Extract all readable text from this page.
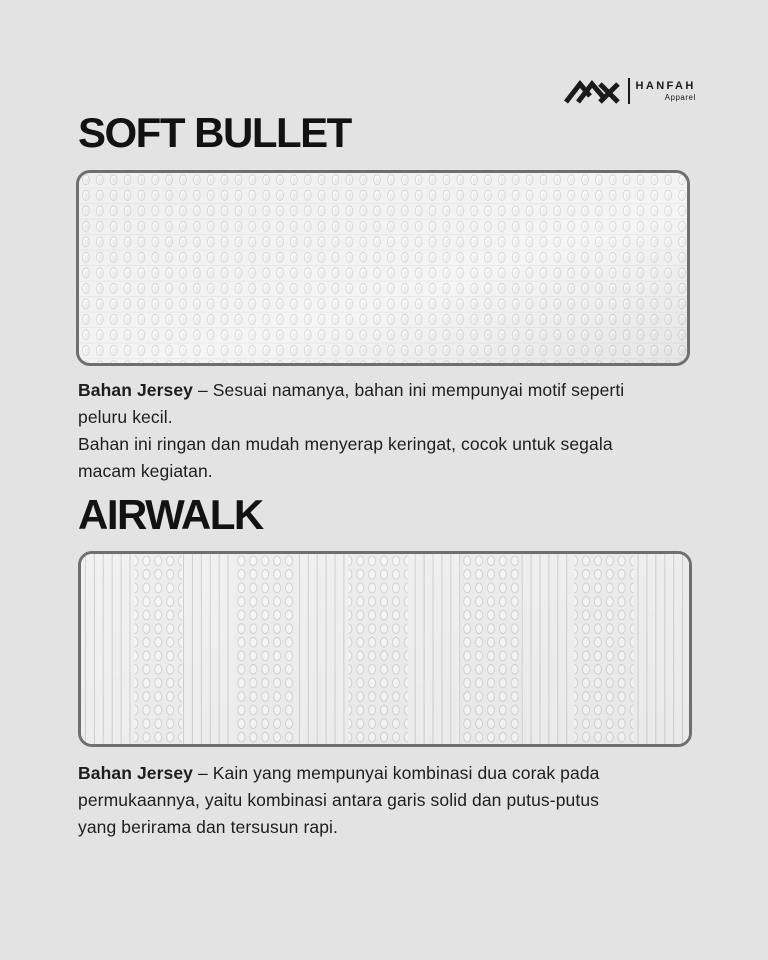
HANFAH
Apparel
SOFT BULLET

Bahan Jersey – Sesuai namanya, bahan ini mempunyai motif seperti
peluru kecil.
Bahan ini ringan dan mudah menyerap keringat, cocok untuk segala
macam kegiatan.

AIRWALK

Bahan Jersey – Kain yang mempunyai kombinasi dua corak pada
permukaannya, yaitu kombinasi antara garis solid dan putus-putus
yang berirama dan tersusun rapi.
